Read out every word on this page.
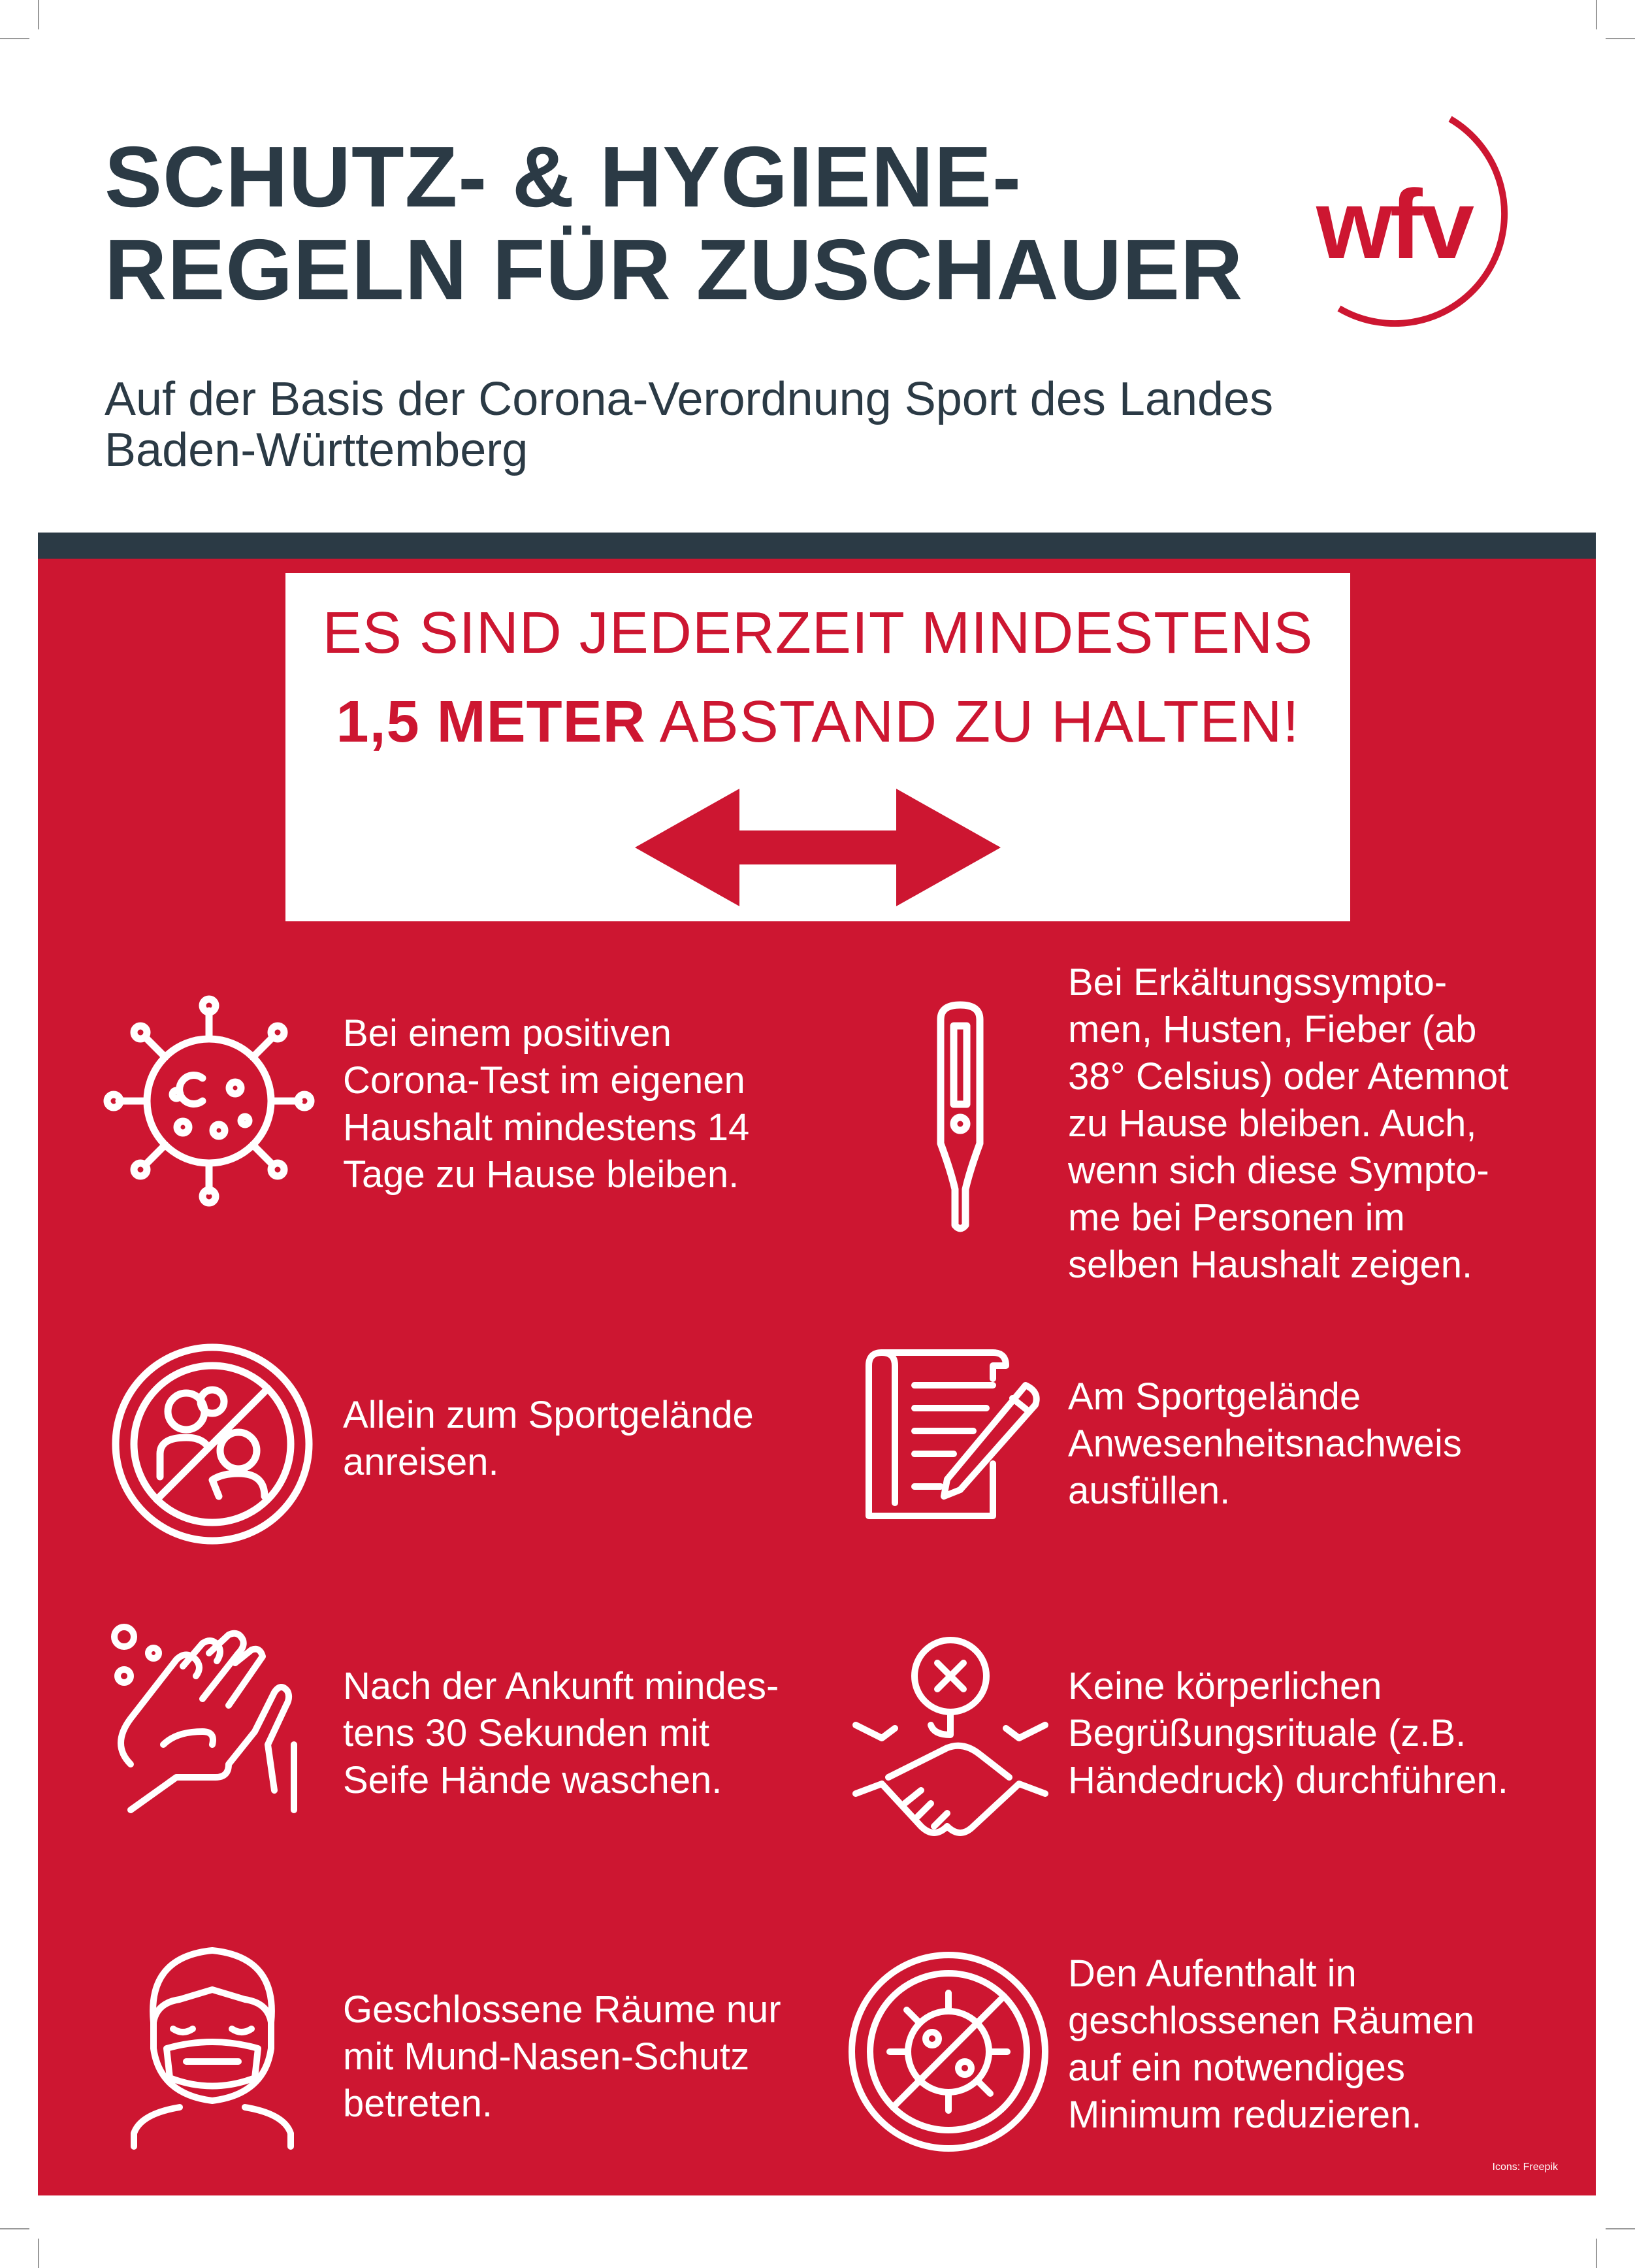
SCHUTZ- & HYGIENE-
REGELN FÜR ZUSCHAUER wfv
Auf der Basis der Corona-Verordnung Sport des Landes
Baden-Württemberg
ES SIND JEDERZEIT MINDESTENS
1,5 METER ABSTAND ZU HALTEN!
Bei einem positiven
Corona-Test im eigenen
Haushalt mindestens 14
Tage zu Hause bleiben.
Bei Erkältungssympto-
men, Husten, Fieber (ab
38° Celsius) oder Atemnot
zu Hause bleiben. Auch,
wenn sich diese Sympto-
me bei Personen im
selben Haushalt zeigen.
Allein zum Sportgelände
anreisen.
Am Sportgelände
Anwesenheitsnachweis
ausfüllen.
Nach der Ankunft mindes-
tens 30 Sekunden mit
Seife Hände waschen.
Keine körperlichen
Begrüßungsrituale (z.B.
Händedruck) durchführen.
Geschlossene Räume nur
mit Mund-Nasen-Schutz
betreten.
Den Aufenthalt in
geschlossenen Räumen
auf ein notwendiges
Minimum reduzieren.
Icons: Freepik
